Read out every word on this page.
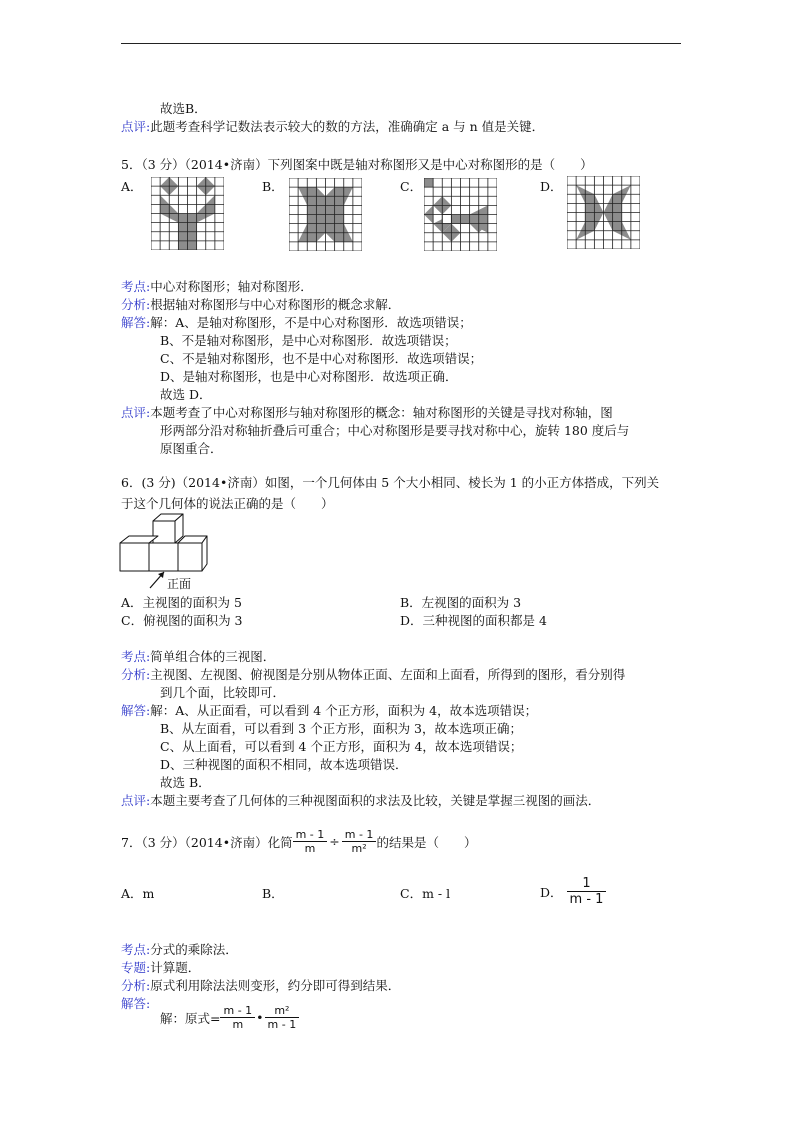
故选B．
点评:此题考查科学记数法表示较大的数的方法，准确确定 a 与 n 值是关键．
5．（3 分）（2014•济南）下列图案中既是轴对称图形又是中心对称图形的是（　　）
A．	B．	C．	D．
考点:中心对称图形；轴对称图形．
分析:根据轴对称图形与中心对称图形的概念求解．
解答:解：A、是轴对称图形，不是中心对称图形．故选项错误；
B、不是轴对称图形，是中心对称图形．故选项错误；
C、不是轴对称图形，也不是中心对称图形．故选项错误；
D、是轴对称图形，也是中心对称图形．故选项正确．
故选 D．
点评:本题考查了中心对称图形与轴对称图形的概念：轴对称图形的关键是寻找对称轴，图
形两部分沿对称轴折叠后可重合；中心对称图形是要寻找对称中心，旋转 180 度后与
原图重合．
6．(3 分)（2014•济南）如图，一个几何体由 5 个大小相同、棱长为 1 的小正方体搭成，下列关
于这个几何体的说法正确的是（　　）
正面
A．主视图的面积为 5	B．左视图的面积为 3
C．俯视图的面积为 3	D．三种视图的面积都是 4
考点:简单组合体的三视图．
分析:主视图、左视图、俯视图是分别从物体正面、左面和上面看，所得到的图形，看分别得
到几个面，比较即可．
解答:解：A、从正面看，可以看到 4 个正方形，面积为 4，故本选项错误；
B、从左面看，可以看到 3 个正方形，面积为 3，故本选项正确；
C、从上面看，可以看到 4 个正方形，面积为 4，故本选项错误；
D、三种视图的面积不相同，故本选项错误．
故选 B．
点评:本题主要考查了几何体的三种视图面积的求法及比较，关键是掌握三视图的画法．
7．（3 分）（2014•济南）化简 $\frac{m - 1}{m} \div \frac{m - 1}{\text{m²}}$ 的结果是（　　）
A．m	B．	C．m - l	D． $\frac{1}{m - 1}$
考点:分式的乘除法．
专题:计算题．
分析:原式利用除法法则变形，约分即可得到结果．
解答:
解：原式= $\frac{m - 1}{m}$ • $\frac{\text{m²}}{m - 1}$
